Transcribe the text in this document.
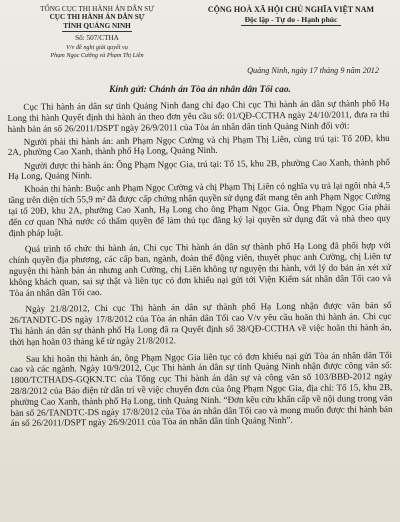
TỔNG CỤC THI HÀNH ÁN DÂN SỰ
CỤC THI HÀNH ÁN DÂN SỰ
TỈNH QUẢNG NINH
Số: 507/CTHA
V/v đề nghị giải quyết vụ
Phạm Ngọc Cường và Phạm Thị Liên
CỘNG HOÀ XÃ HỘI CHỦ NGHĨA VIỆT NAM
Độc lập - Tự do - Hạnh phúc
Quảng Ninh, ngày 17 tháng 9 năm 2012
Kính gửi: Chánh án Tòa án nhân dân Tối cao.

Cục Thi hành án dân sự tỉnh Quảng Ninh đang chỉ đạo Chi cục Thi hành án dân sự thành phố Hạ Long thi hành Quyết định thi hành án theo đơn yêu cầu số: 01/QĐ-CCTHA ngày 24/10/2011, đưa ra thi hành bản án số 26/2011/DSPT ngày 26/9/2011 của Tòa án nhân dân tỉnh Quảng Ninh đối với:

Người phải thi hành án: anh Phạm Ngọc Cường và chị Phạm Thị Liên, cùng trú tại: Tổ 20Đ, khu 2A, phường Cao Xanh, thành phố Hạ Long, Quảng Ninh.

Người được thi hành án: Ông Phạm Ngọc Gia, trú tại: Tổ 15, khu 2B, phường Cao Xanh, thành phố Hạ Long, Quảng Ninh.

Khoản thi hành: Buộc anh Phạm Ngọc Cường và chị Phạm Thị Liên có nghĩa vụ trả lại ngôi nhà 4,5 tầng trên diện tích 55,9 m² đã được cấp chứng nhận quyền sử dụng đất mang tên anh Phạm Ngọc Cường tại tổ 20Đ, khu 2A, phường Cao Xanh, Hạ Long cho ông Phạm Ngọc Gia. Ông Phạm Ngọc Gia phải đến cơ quan Nhà nước có thẩm quyền để làm thủ tục đăng ký lại quyền sử dụng đất và nhà theo quy định pháp luật.

Quá trình tổ chức thi hành án, Chi cục Thi hành án dân sự thành phố Hạ Long đã phối hợp với chính quyền địa phương, các cấp ban, ngành, đoàn thể động viên, thuyết phục anh Cường, chị Liên tự nguyện thi hành bản án nhưng anh Cường, chị Liên không tự nguyện thi hành, với lý do bản án xét xử không khách quan, sai sự thật và liên tục có đơn khiếu nại gửi tới Viện Kiểm sát nhân dân Tối cao và Tòa án nhân dân Tối cao.

Ngày 21/8/2012, Chi cục Thi hành án dân sự thành phố Hạ Long nhận được văn bản số 26/TANDTC-DS ngày 17/8/2012 của Tòa án nhân dân Tối cao V/v yêu cầu hoãn thi hành án. Chi cục Thi hành án dân sự thành phố Hạ Long đã ra Quyết định số 38/QĐ-CCTHA về việc hoãn thi hành án, thời hạn hoãn 03 tháng kể từ ngày 21/8/2012.

Sau khi hoãn thi hành án, ông Phạm Ngọc Gia liên tục có đơn khiếu nại gửi Tòa án nhân dân Tối cao và các ngành. Ngày 10/9/2012, Cục Thi hành án dân sự tỉnh Quảng Ninh nhận được công văn số: 1800/TCTHADS-GQKN.TC của Tổng cục Thi hành án dân sự và công văn số 103/BBĐ-2012 ngày 28/8/2012 của Báo điện tử dân trí về việc chuyển đơn của ông Phạm Ngọc Gia, địa chỉ: Tổ 15, khu 2B, phường Cao Xanh, thành phố Hạ Long, tỉnh Quảng Ninh. “Đơn kêu cứu khẩn cấp về nội dung trong văn bản số 26/TANDTC-DS ngày 17/8/2012 của Tòa án nhân dân Tối cao và mong muốn được thi hành bản án số 26/2011/DSPT ngày 26/9/2011 của Tòa án nhân dân tỉnh Quảng Ninh”.
